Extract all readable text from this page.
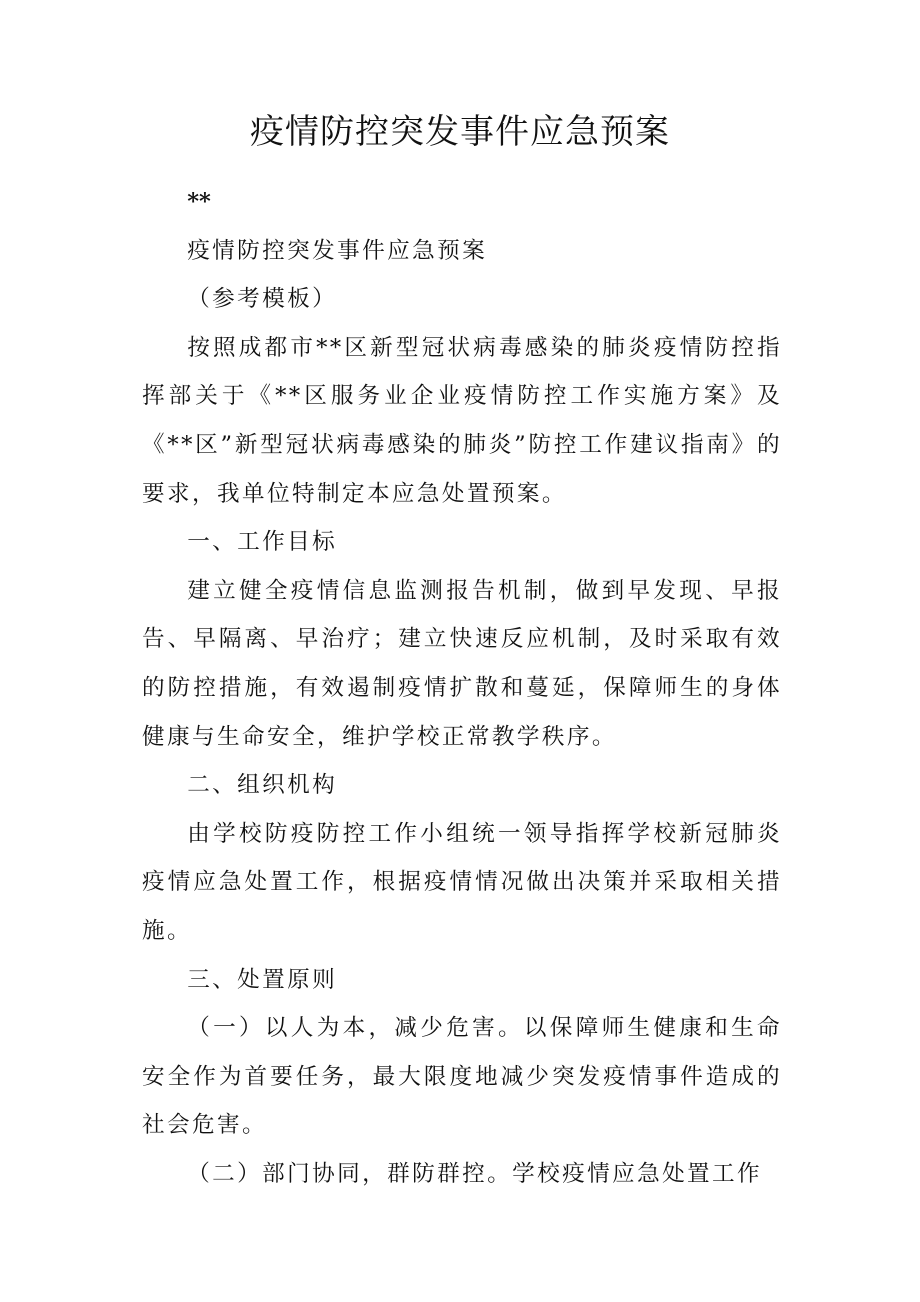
疫情防控突发事件应急预案

**

疫情防控突发事件应急预案

（参考模板）

按照成都市**区新型冠状病毒感染的肺炎疫情防控指挥部关于《**区服务业企业疫情防控工作实施方案》及《**区”新型冠状病毒感染的肺炎”防控工作建议指南》的要求，我单位特制定本应急处置预案。

一、工作目标

建立健全疫情信息监测报告机制，做到早发现、早报告、早隔离、早治疗；建立快速反应机制，及时采取有效的防控措施，有效遏制疫情扩散和蔓延，保障师生的身体健康与生命安全，维护学校正常教学秩序。

二、组织机构

由学校防疫防控工作小组统一领导指挥学校新冠肺炎疫情应急处置工作，根据疫情情况做出决策并采取相关措施。

三、处置原则

（一）以人为本，减少危害。以保障师生健康和生命安全作为首要任务，最大限度地减少突发疫情事件造成的社会危害。

（二）部门协同，群防群控。学校疫情应急处置工作
